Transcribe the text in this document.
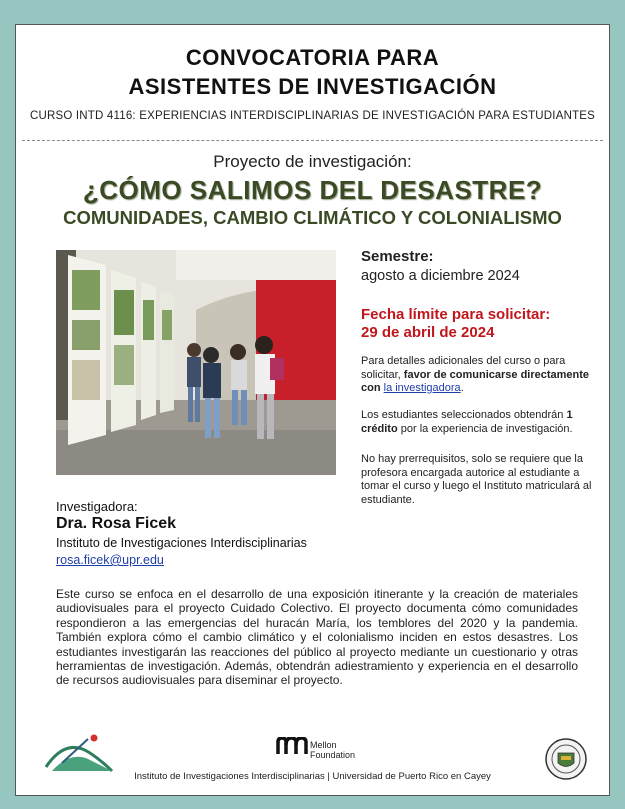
CONVOCATORIA PARA
ASISTENTES DE INVESTIGACIÓN
CURSO INTD 4116: EXPERIENCIAS INTERDISCIPLINARIAS DE INVESTIGACIÓN PARA ESTUDIANTES
Proyecto de investigación:
¿CÓMO SALIMOS DEL DESASTRE?
COMUNIDADES, CAMBIO CLIMÁTICO Y COLONIALISMO
Semestre:
agosto a diciembre 2024
Fecha límite para solicitar:
29 de abril de 2024
Para detalles adicionales del curso o para solicitar, favor de comunicarse directamente con la investigadora.
Los estudiantes seleccionados obtendrán 1 crédito por la experiencia de investigación.
No hay prerrequisitos, solo se requiere que la profesora encargada autorice al estudiante a tomar el curso y luego el Instituto matriculará al estudiante.
Investigadora:
Dra. Rosa Ficek
Instituto de Investigaciones Interdisciplinarias
rosa.ficek@upr.edu
Este curso se enfoca en el desarrollo de una exposición itinerante y la creación de materiales audiovisuales para el proyecto Cuidado Colectivo. El proyecto documenta cómo comunidades respondieron a las emergencias del huracán María, los temblores del 2020 y la pandemia. También explora cómo el cambio climático y el colonialismo inciden en estos desastres. Los estudiantes investigarán las reacciones del público al proyecto mediante un cuestionario y otras herramientas de investigación. Además, obtendrán adiestramiento y experiencia en el desarrollo de recursos audiovisuales para diseminar el proyecto.
Mellon
Foundation
Instituto de Investigaciones Interdisciplinarias | Universidad de Puerto Rico en Cayey
